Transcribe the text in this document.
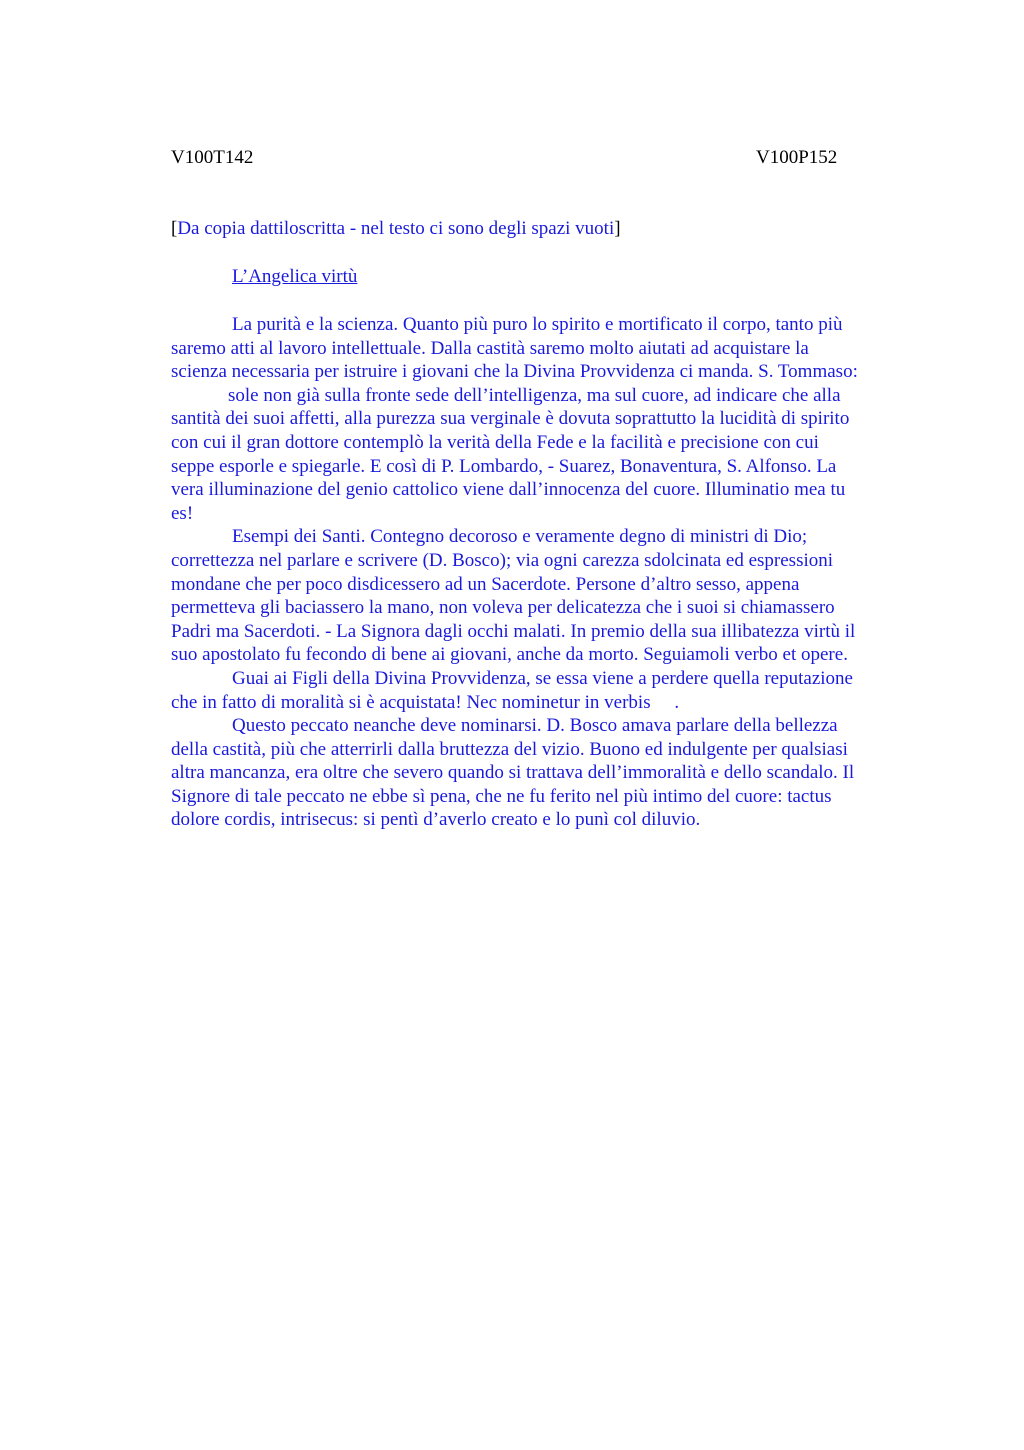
V100T142	V100P152
[Da copia dattiloscritta - nel testo ci sono degli spazi vuoti]
L’Angelica virtù

La purità e la scienza. Quanto più puro lo spirito e mortificato il corpo, tanto più
saremo atti al lavoro intellettuale. Dalla castità saremo molto aiutati ad acquistare la
scienza necessaria per istruire i giovani che la Divina Provvidenza ci manda. S. Tommaso:
sole non già sulla fronte sede dell’intelligenza, ma sul cuore, ad indicare che alla
santità dei suoi affetti, alla purezza sua verginale è dovuta soprattutto la lucidità di spirito
con cui il gran dottore contemplò la verità della Fede e la facilità e precisione con cui
seppe esporle e spiegarle. E così di P. Lombardo, - Suarez, Bonaventura, S. Alfonso. La
vera illuminazione del genio cattolico viene dall’innocenza del cuore. Illuminatio mea tu
es!

Esempi dei Santi. Contegno decoroso e veramente degno di ministri di Dio;
correttezza nel parlare e scrivere (D. Bosco); via ogni carezza sdolcinata ed espressioni
mondane che per poco disdicessero ad un Sacerdote. Persone d’altro sesso, appena
permetteva gli baciassero la mano, non voleva per delicatezza che i suoi si chiamassero
Padri ma Sacerdoti. - La Signora dagli occhi malati. In premio della sua illibatezza virtù il
suo apostolato fu fecondo di bene ai giovani, anche da morto. Seguiamoli verbo et opere.

Guai ai Figli della Divina Provvidenza, se essa viene a perdere quella reputazione
che in fatto di moralità si è acquistata! Nec nominetur in verbis     .

Questo peccato neanche deve nominarsi. D. Bosco amava parlare della bellezza
della castità, più che atterrirli dalla bruttezza del vizio. Buono ed indulgente per qualsiasi
altra mancanza, era oltre che severo quando si trattava dell’immoralità e dello scandalo. Il
Signore di tale peccato ne ebbe sì pena, che ne fu ferito nel più intimo del cuore: tactus
dolore cordis, intrisecus: si pentì d’averlo creato e lo punì col diluvio.
